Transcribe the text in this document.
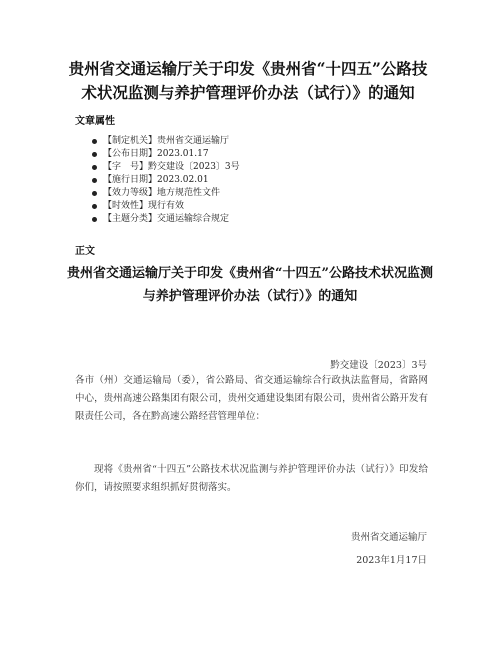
贵州省交通运输厅关于印发《贵州省“十四五”公路技术状况监测与养护管理评价办法（试行）》的通知

文章属性

【制定机关】贵州省交通运输厅
【公布日期】2023.01.17
【字　号】黔交建设〔2023〕3号
【施行日期】2023.02.01
【效力等级】地方规范性文件
【时效性】现行有效
【主题分类】交通运输综合规定

正文

贵州省交通运输厅关于印发《贵州省“十四五”公路技术状况监测与养护管理评价办法（试行）》的通知

黔交建设〔2023〕3号

各市（州）交通运输局（委），省公路局、省交通运输综合行政执法监督局，省路网中心，贵州高速公路集团有限公司，贵州交通建设集团有限公司，贵州省公路开发有限责任公司，各在黔高速公路经营管理单位：

现将《贵州省“十四五”公路技术状况监测与养护管理评价办法（试行）》印发给你们，请按照要求组织抓好贯彻落实。

贵州省交通运输厅

2023年1月17日
